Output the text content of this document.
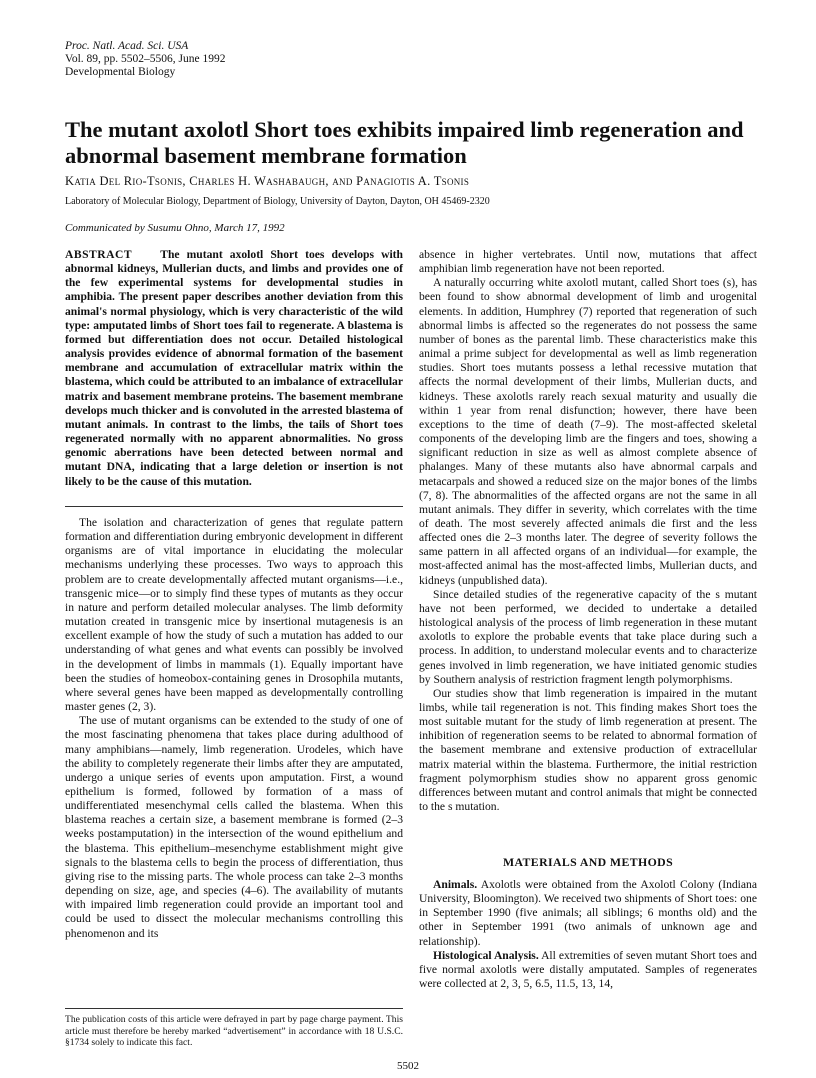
Proc. Natl. Acad. Sci. USA
Vol. 89, pp. 5502–5506, June 1992
Developmental Biology
The mutant axolotl Short toes exhibits impaired limb regeneration and abnormal basement membrane formation
Katia Del Rio-Tsonis, Charles H. Washabaugh, and Panagiotis A. Tsonis
Laboratory of Molecular Biology, Department of Biology, University of Dayton, Dayton, OH 45469-2320
Communicated by Susumu Ohno, March 17, 1992
ABSTRACT The mutant axolotl Short toes develops with abnormal kidneys, Mullerian ducts, and limbs and provides one of the few experimental systems for developmental studies in amphibia. The present paper describes another deviation from this animal's normal physiology, which is very characteristic of the wild type: amputated limbs of Short toes fail to regenerate. A blastema is formed but differentiation does not occur. Detailed histological analysis provides evidence of abnormal formation of the basement membrane and accumulation of extracellular matrix within the blastema, which could be attributed to an imbalance of extracellular matrix and basement membrane proteins. The basement membrane develops much thicker and is convoluted in the arrested blastema of mutant animals. In contrast to the limbs, the tails of Short toes regenerated normally with no apparent abnormalities. No gross genomic aberrations have been detected between normal and mutant DNA, indicating that a large deletion or insertion is not likely to be the cause of this mutation.

The isolation and characterization of genes that regulate pattern formation and differentiation during embryonic development in different organisms are of vital importance in elucidating the molecular mechanisms underlying these processes. Two ways to approach this problem are to create developmentally affected mutant organisms—i.e., transgenic mice—or to simply find these types of mutants as they occur in nature and perform detailed molecular analyses. The limb deformity mutation created in transgenic mice by insertional mutagenesis is an excellent example of how the study of such a mutation has added to our understanding of what genes and what events can possibly be involved in the development of limbs in mammals (1). Equally important have been the studies of homeobox-containing genes in Drosophila mutants, where several genes have been mapped as developmentally controlling master genes (2, 3).

The use of mutant organisms can be extended to the study of one of the most fascinating phenomena that takes place during adulthood of many amphibians—namely, limb regeneration. Urodeles, which have the ability to completely regenerate their limbs after they are amputated, undergo a unique series of events upon amputation. First, a wound epithelium is formed, followed by formation of a mass of undifferentiated mesenchymal cells called the blastema. When this blastema reaches a certain size, a basement membrane is formed (2–3 weeks postamputation) in the intersection of the wound epithelium and the blastema. This epithelium–mesenchyme establishment might give signals to the blastema cells to begin the process of differentiation, thus giving rise to the missing parts. The whole process can take 2–3 months depending on size, age, and species (4–6). The availability of mutants with impaired limb regeneration could provide an important tool and could be used to dissect the molecular mechanisms controlling this phenomenon and its

absence in higher vertebrates. Until now, mutations that affect amphibian limb regeneration have not been reported.

A naturally occurring white axolotl mutant, called Short toes (s), has been found to show abnormal development of limb and urogenital elements. In addition, Humphrey (7) reported that regeneration of such abnormal limbs is affected so the regenerates do not possess the same number of bones as the parental limb. These characteristics make this animal a prime subject for developmental as well as limb regeneration studies. Short toes mutants possess a lethal recessive mutation that affects the normal development of their limbs, Mullerian ducts, and kidneys. These axolotls rarely reach sexual maturity and usually die within 1 year from renal disfunction; however, there have been exceptions to the time of death (7–9). The most-affected skeletal components of the developing limb are the fingers and toes, showing a significant reduction in size as well as almost complete absence of phalanges. Many of these mutants also have abnormal carpals and metacarpals and showed a reduced size on the major bones of the limbs (7, 8). The abnormalities of the affected organs are not the same in all mutant animals. They differ in severity, which correlates with the time of death. The most severely affected animals die first and the less affected ones die 2–3 months later. The degree of severity follows the same pattern in all affected organs of an individual—for example, the most-affected animal has the most-affected limbs, Mullerian ducts, and kidneys (unpublished data).

Since detailed studies of the regenerative capacity of the s mutant have not been performed, we decided to undertake a detailed histological analysis of the process of limb regeneration in these mutant axolotls to explore the probable events that take place during such a process. In addition, to understand molecular events and to characterize genes involved in limb regeneration, we have initiated genomic studies by Southern analysis of restriction fragment length polymorphisms.

Our studies show that limb regeneration is impaired in the mutant limbs, while tail regeneration is not. This finding makes Short toes the most suitable mutant for the study of limb regeneration at present. The inhibition of regeneration seems to be related to abnormal formation of the basement membrane and extensive production of extracellular matrix material within the blastema. Furthermore, the initial restriction fragment polymorphism studies show no apparent gross genomic differences between mutant and control animals that might be connected to the s mutation.

MATERIALS AND METHODS

Animals. Axolotls were obtained from the Axolotl Colony (Indiana University, Bloomington). We received two shipments of Short toes: one in September 1990 (five animals; all siblings; 6 months old) and the other in September 1991 (two animals of unknown age and relationship).

Histological Analysis. All extremities of seven mutant Short toes and five normal axolotls were distally amputated. Samples of regenerates were collected at 2, 3, 5, 6.5, 11.5, 13, 14,

The publication costs of this article were defrayed in part by page charge payment. This article must therefore be hereby marked “advertisement” in accordance with 18 U.S.C. §1734 solely to indicate this fact.
5502
